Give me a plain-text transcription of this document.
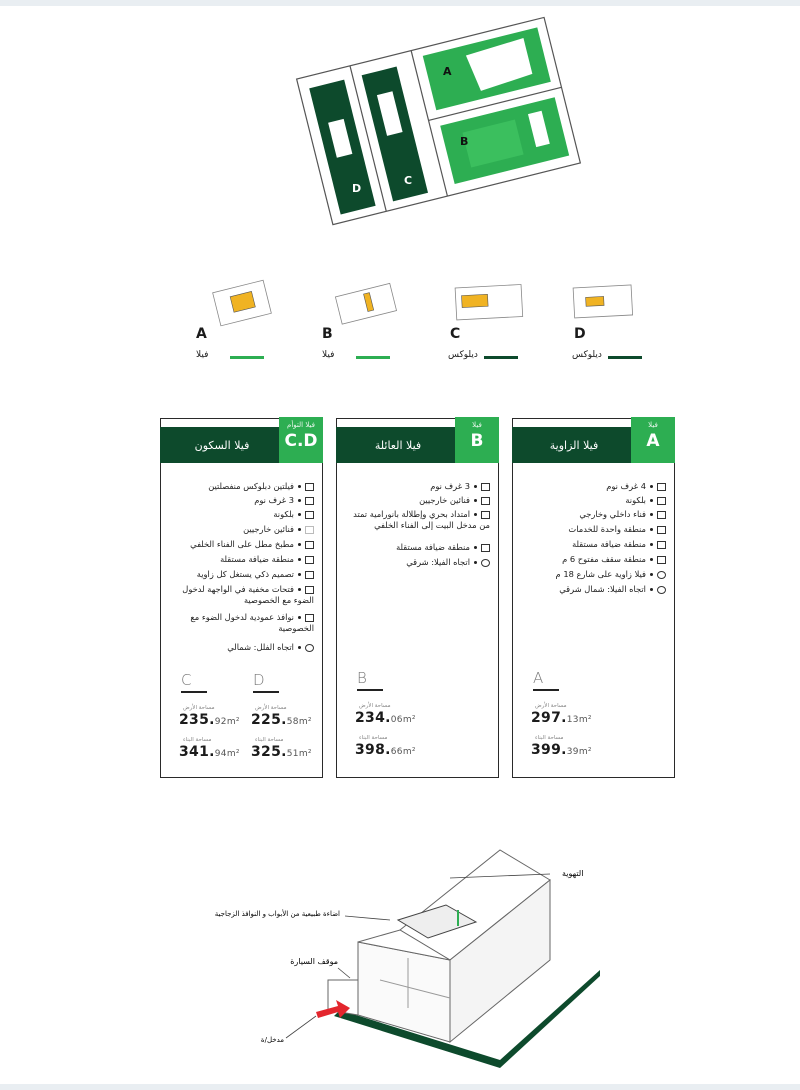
A
B
C
D
A
فيلا
B
فيلا
C
ديلوكس
D
ديلوكس
فيلا السكون
فيلا التوأم
C.D
فيلتين دبلوكس منفصلتين
3 غرف نوم
بلكونة
فنائين خارجيين
مطبخ مطل على الفناء الخلفي
منطقة ضيافة مستقلة
تصميم ذكي يستغل كل زاوية
فتحات مخفية في الواجهة لدخول الضوء مع الخصوصية
نوافذ عمودية لدخول الضوء مع الخصوصية
اتجاه الفلل: شمالي
C
مساحة الأرض
235.92m²
مساحة البناء
341.94m²
D
مساحة الأرض
225.58m²
مساحة البناء
325.51m²
فيلا العائلة
فيلا
B
3 غرف نوم
فنائين خارجيين
امتداد بحري وإطلالة بانورامية تمتد من مدخل البيت إلى الفناء الخلفي
منطقة ضيافة مستقلة
اتجاه الفيلا: شرقي
B
مساحة الأرض
234.06m²
مساحة البناء
398.66m²
فيلا الزاوية
فيلا
A
4 غرف نوم
بلكونة
فناء داخلي وخارجي
منطقة واحدة للخدمات
منطقة ضيافة مستقلة
منطقة سقف مفتوح 6 م
فيلا زاوية على شارع 18 م
اتجاه الفيلا: شمال شرقي
A
مساحة الأرض
297.13m²
مساحة البناء
399.39m²
التهوية
اضاءة طبيعية من الأبواب و النوافذ الزجاجية
موقف السيارة
مدخل/ة
